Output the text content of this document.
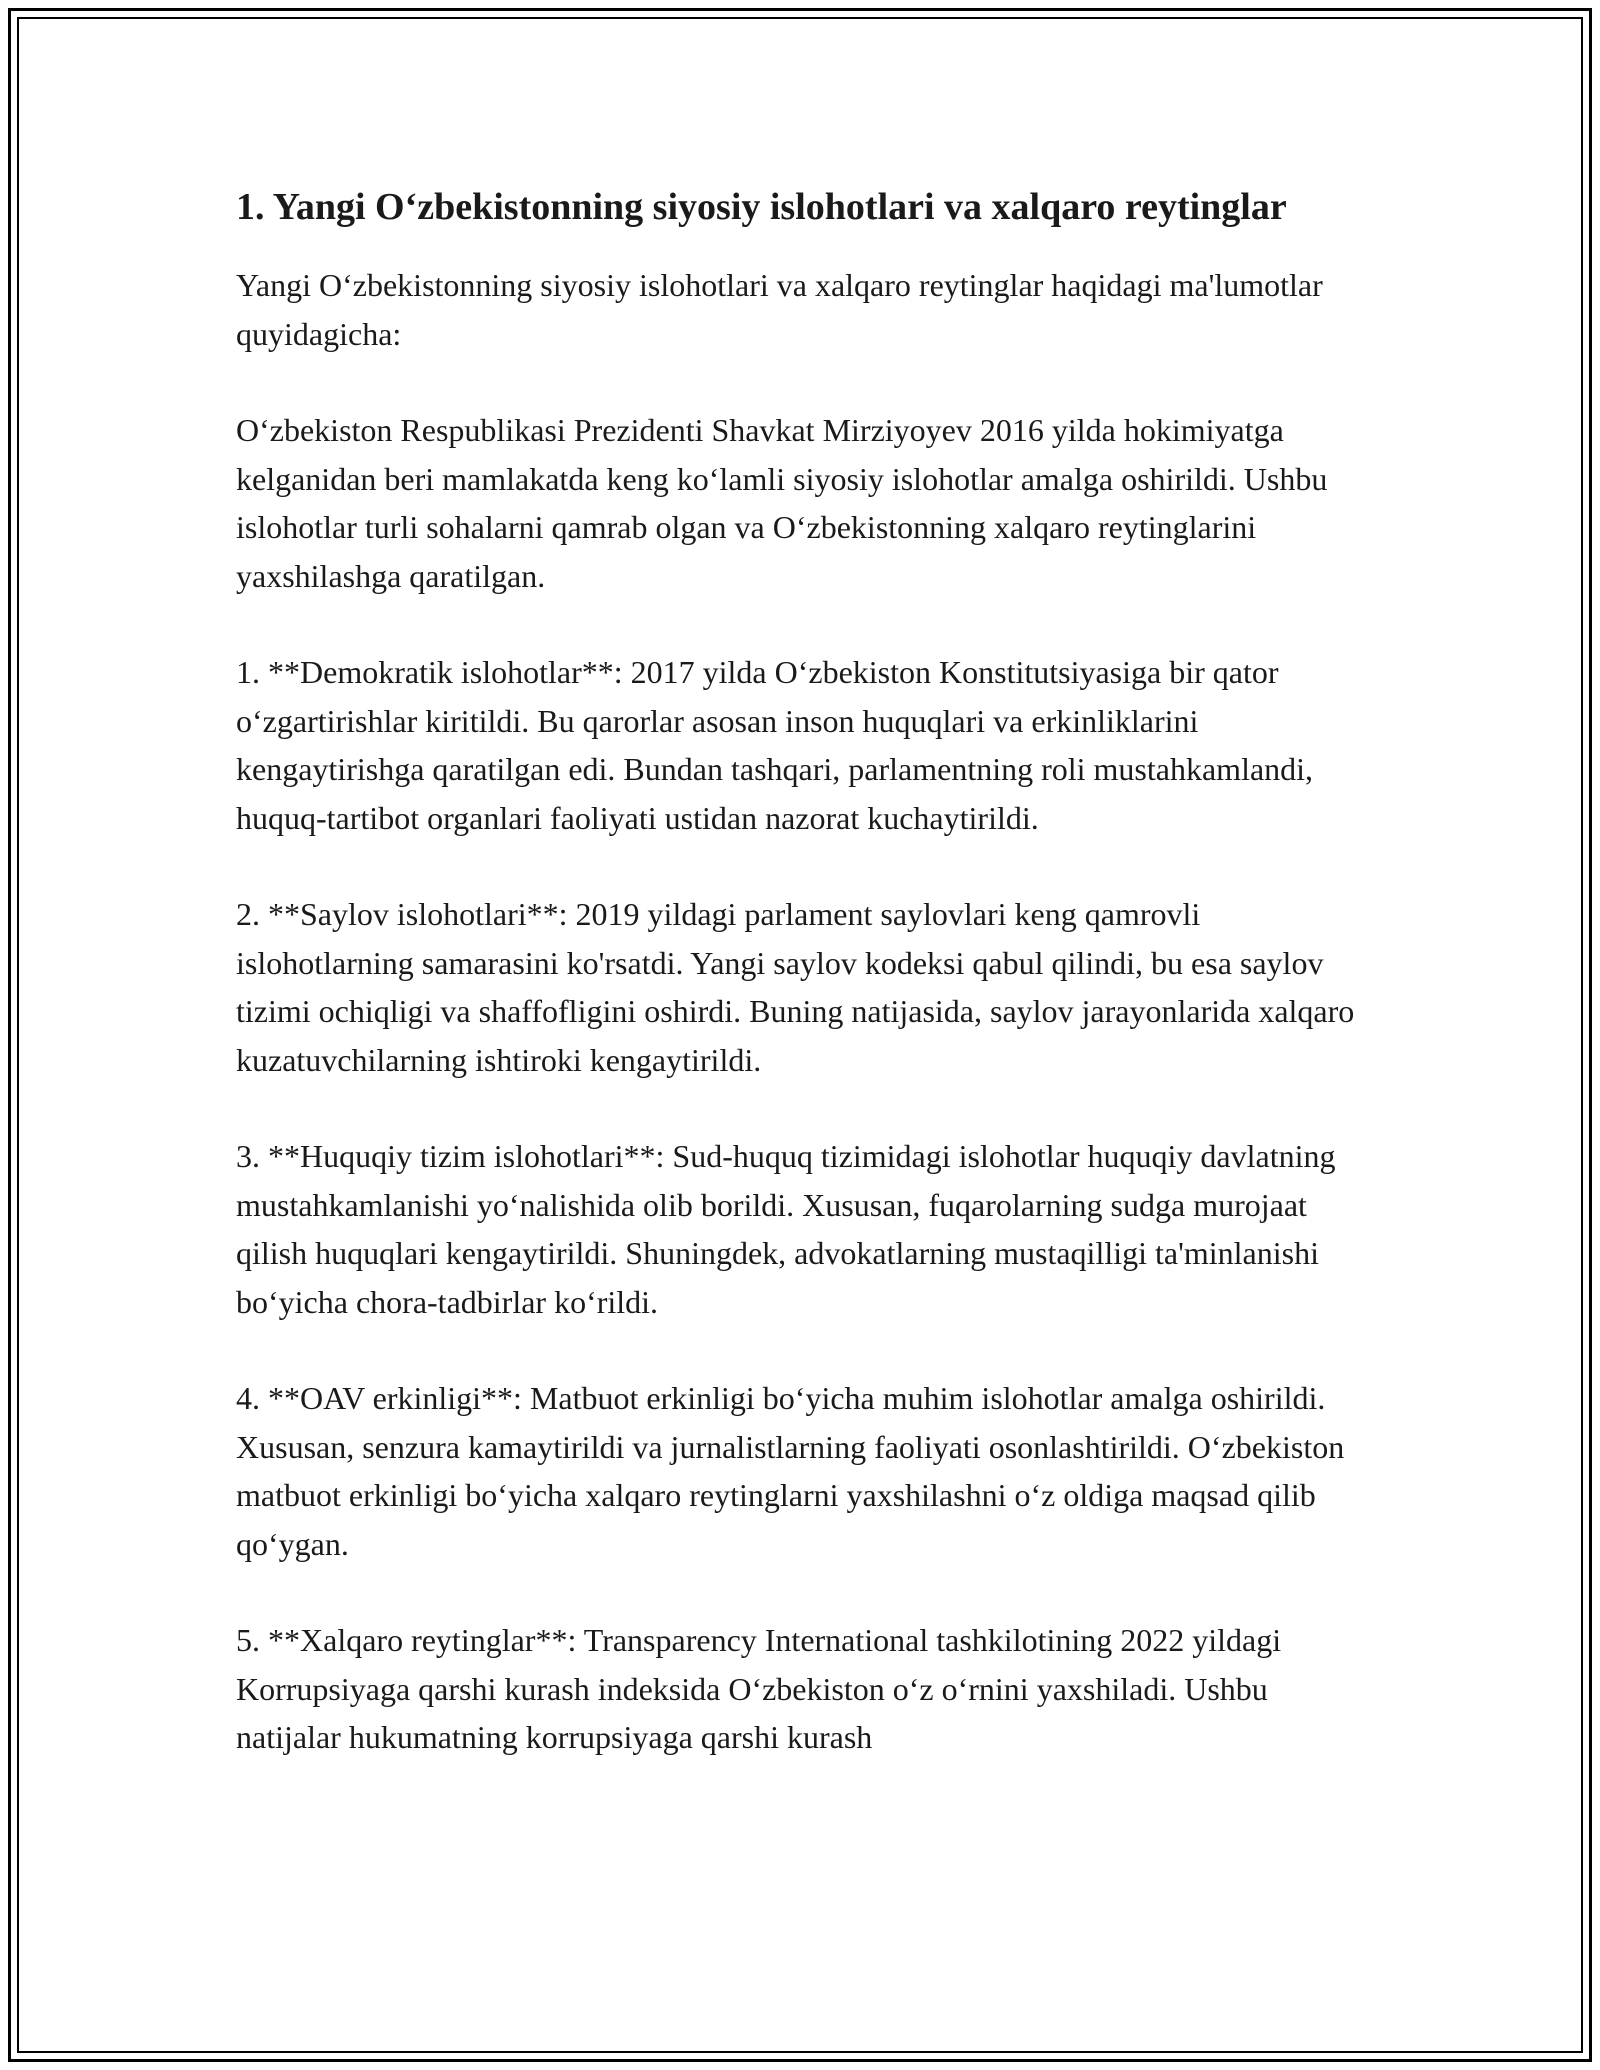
1. Yangi O‘zbekistonning siyosiy islohotlari va xalqaro reytinglar

Yangi O‘zbekistonning siyosiy islohotlari va xalqaro reytinglar haqidagi ma'lumotlar quyidagicha:

O‘zbekiston Respublikasi Prezidenti Shavkat Mirziyoyev 2016 yilda hokimiyatga kelganidan beri mamlakatda keng ko‘lamli siyosiy islohotlar amalga oshirildi. Ushbu islohotlar turli sohalarni qamrab olgan va O‘zbekistonning xalqaro reytinglarini yaxshilashga qaratilgan.

1. **Demokratik islohotlar**: 2017 yilda O‘zbekiston Konstitutsiyasiga bir qator o‘zgartirishlar kiritildi. Bu qarorlar asosan inson huquqlari va erkinliklarini kengaytirishga qaratilgan edi. Bundan tashqari, parlamentning roli mustahkamlandi, huquq-tartibot organlari faoliyati ustidan nazorat kuchaytirildi.

2. **Saylov islohotlari**: 2019 yildagi parlament saylovlari keng qamrovli islohotlarning samarasini ko'rsatdi. Yangi saylov kodeksi qabul qilindi, bu esa saylov tizimi ochiqligi va shaffofligini oshirdi. Buning natijasida, saylov jarayonlarida xalqaro kuzatuvchilarning ishtiroki kengaytirildi.

3. **Huquqiy tizim islohotlari**: Sud-huquq tizimidagi islohotlar huquqiy davlatning mustahkamlanishi yo‘nalishida olib borildi. Xususan, fuqarolarning sudga murojaat qilish huquqlari kengaytirildi. Shuningdek, advokatlarning mustaqilligi ta'minlanishi bo‘yicha chora-tadbirlar ko‘rildi.

4. **OAV erkinligi**: Matbuot erkinligi bo‘yicha muhim islohotlar amalga oshirildi. Xususan, senzura kamaytirildi va jurnalistlarning faoliyati osonlashtirildi. O‘zbekiston matbuot erkinligi bo‘yicha xalqaro reytinglarni yaxshilashni o‘z oldiga maqsad qilib qo‘ygan.

5. **Xalqaro reytinglar**: Transparency International tashkilotining 2022 yildagi Korrupsiyaga qarshi kurash indeksida O‘zbekiston o‘z o‘rnini yaxshiladi. Ushbu natijalar hukumatning korrupsiyaga qarshi kurash
